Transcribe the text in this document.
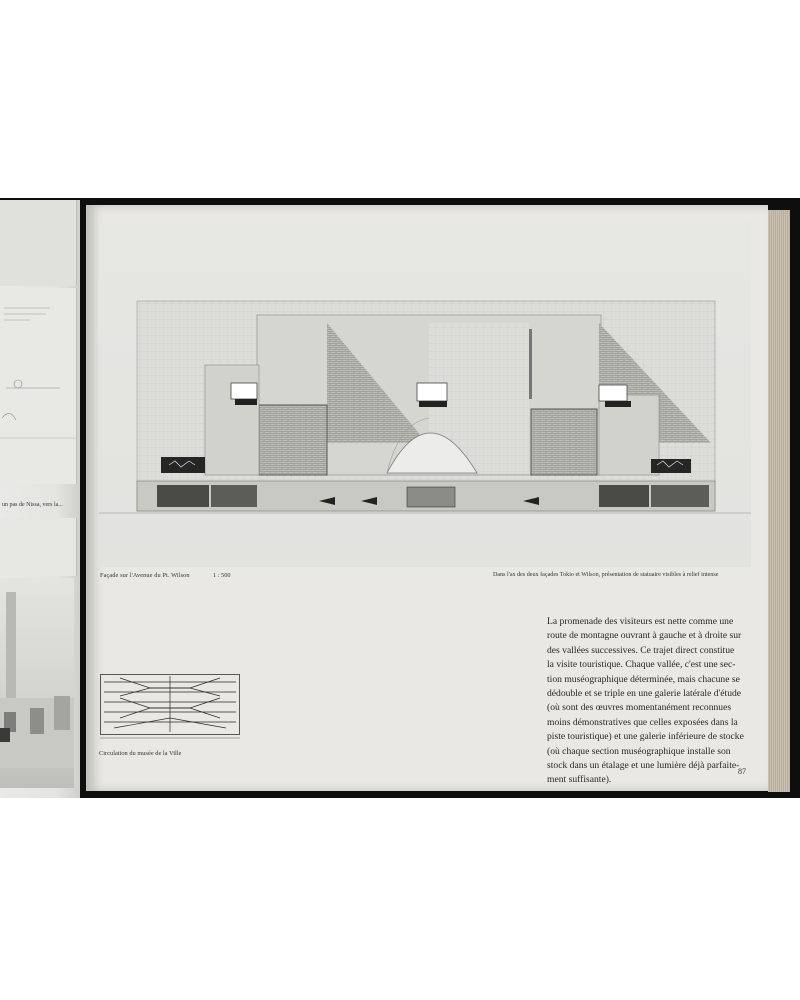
un pas de Nissa, vers la...
Façade sur l'Avenue du Pt. Wilson	1 : 500	Dans l'ax des deux façades Tokio et Wilson, présentation de statuaire visibles à relief intense
Circulation du musée de la Ville
La promenade des visiteurs est nette comme une
route de montagne ouvrant à gauche et à droite sur
des vallées successives. Ce trajet direct constitue
la visite touristique. Chaque vallée, c'est une sec-
tion muséographique déterminée, mais chacune se
dédouble et se triple en une galerie latérale d'étude
(où sont des œuvres momentanément reconnues
moins démonstratives que celles exposées dans la
piste touristique) et une galerie inférieure de stocke
(où chaque section muséographique installe son
stock dans un étalage et une lumière déjà parfaite-
ment suffisante).
87
